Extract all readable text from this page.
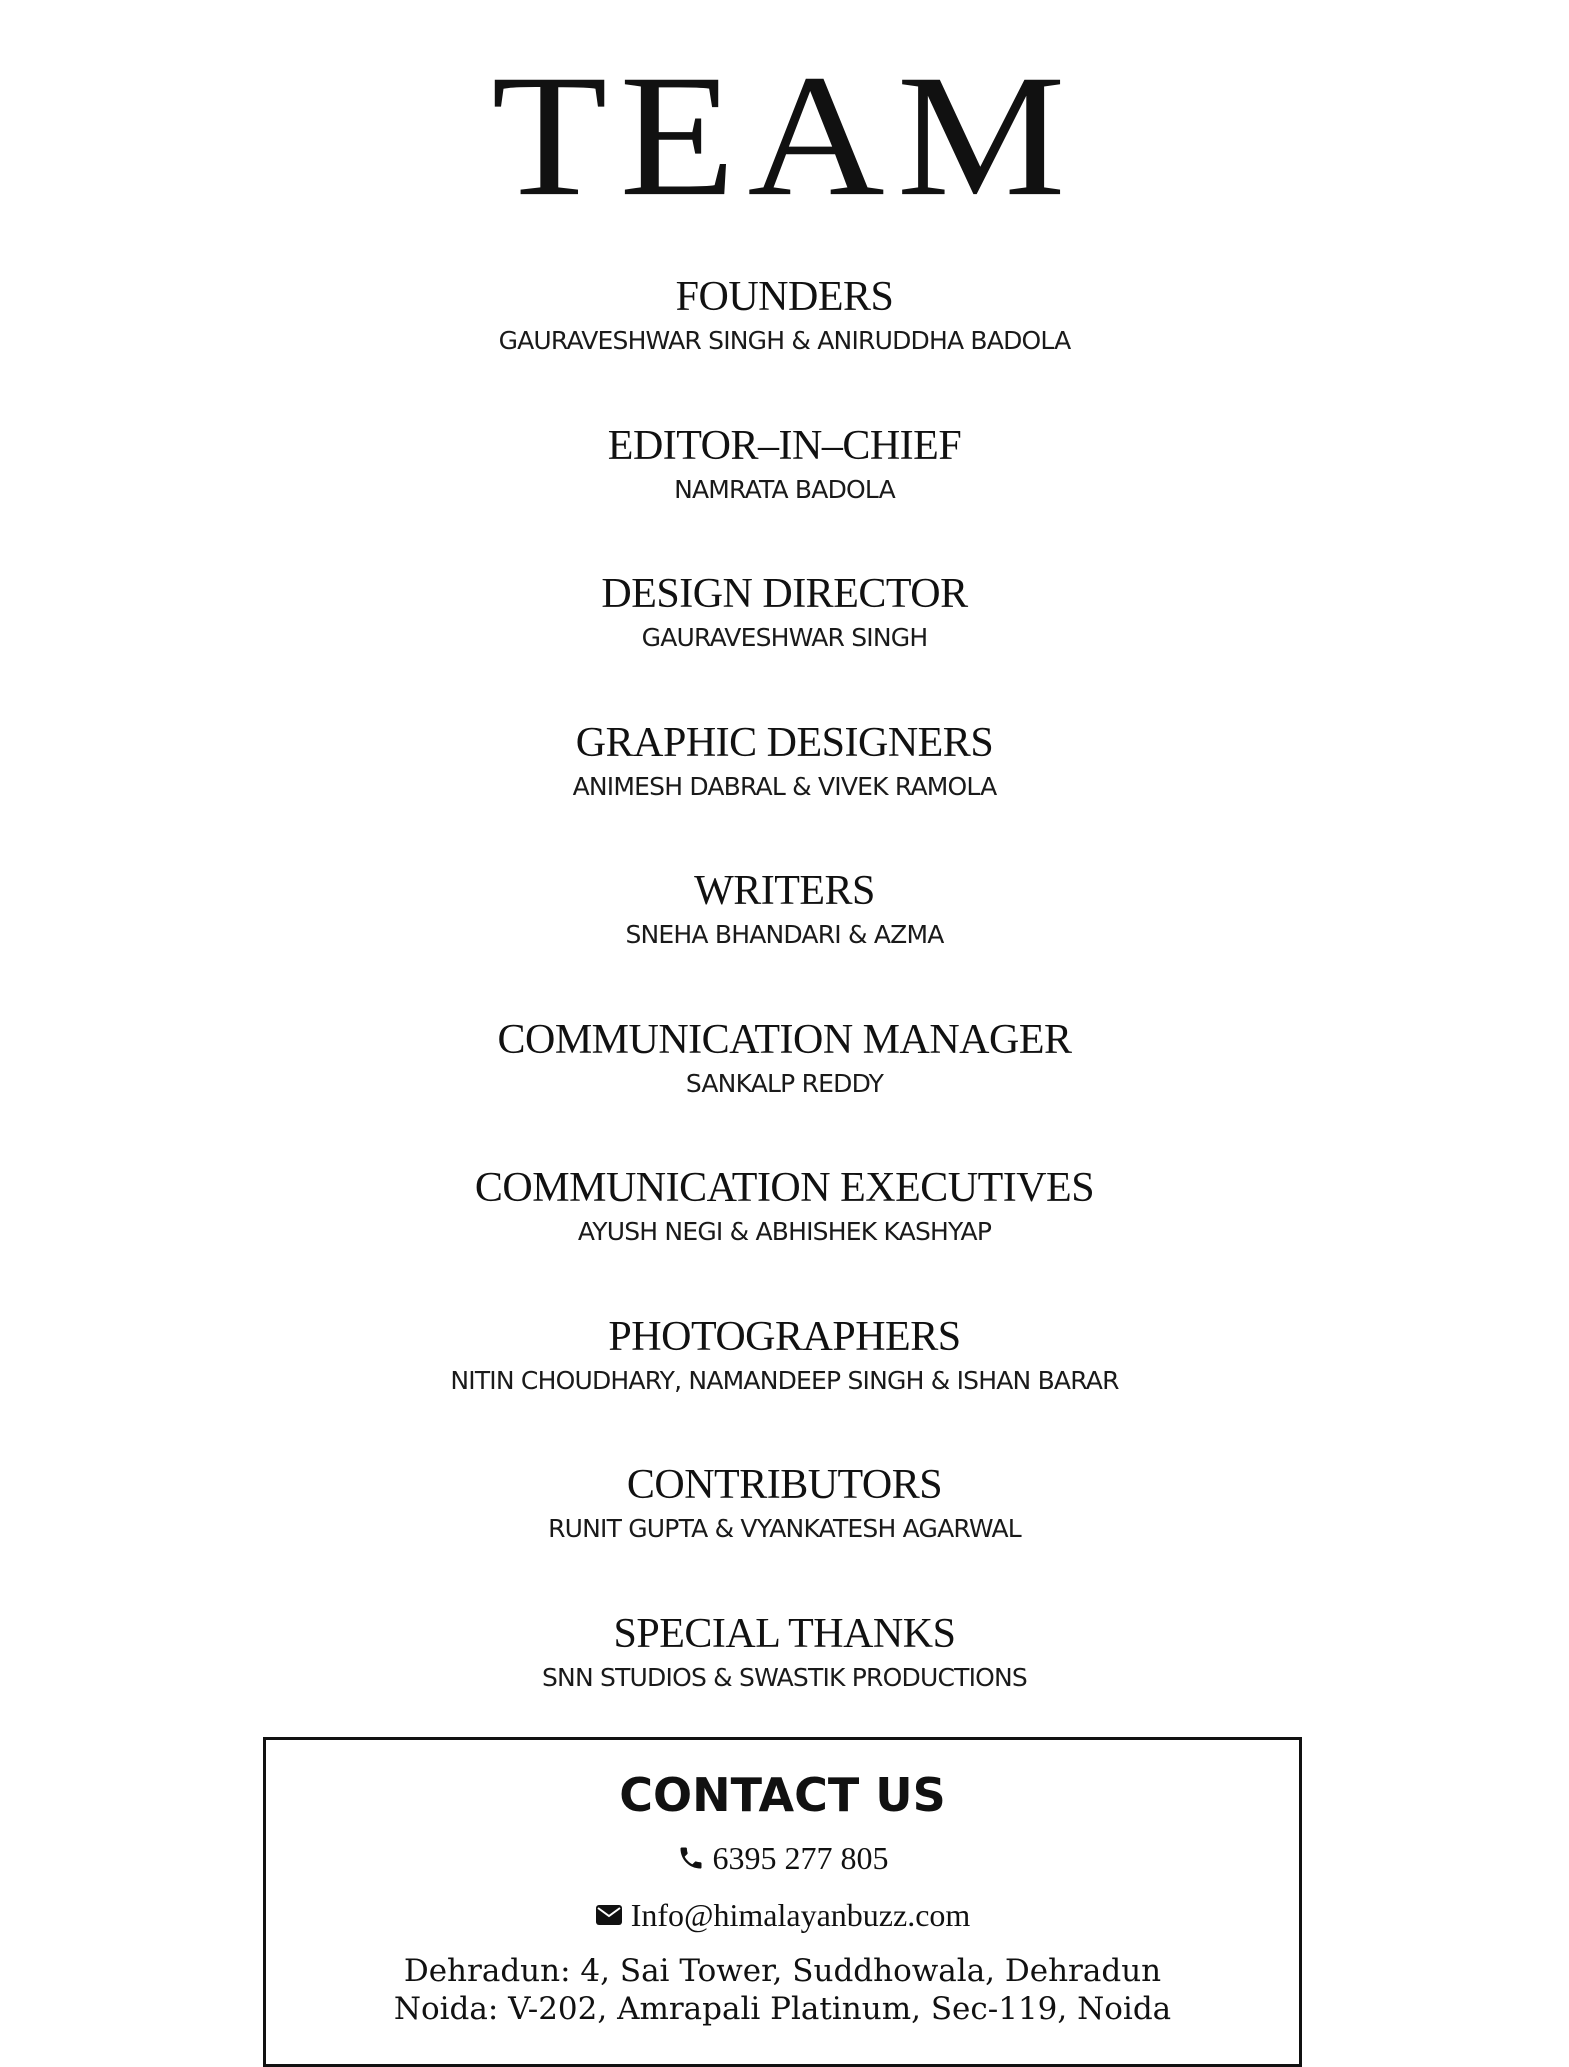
TEAM

FOUNDERS

GAURAVESHWAR SINGH & ANIRUDDHA BADOLA

EDITOR–IN–CHIEF

NAMRATA BADOLA

DESIGN DIRECTOR

GAURAVESHWAR SINGH

GRAPHIC DESIGNERS

ANIMESH DABRAL & VIVEK RAMOLA

WRITERS

SNEHA BHANDARI & AZMA

COMMUNICATION MANAGER

SANKALP REDDY

COMMUNICATION EXECUTIVES

AYUSH NEGI & ABHISHEK KASHYAP

PHOTOGRAPHERS

NITIN CHOUDHARY, NAMANDEEP SINGH & ISHAN BARAR

CONTRIBUTORS

RUNIT GUPTA & VYANKATESH AGARWAL

SPECIAL THANKS

SNN STUDIOS & SWASTIK PRODUCTIONS

CONTACT US
6395 277 805
Info@himalayanbuzz.com
Dehradun: 4, Sai Tower, Suddhowala, Dehradun
Noida: V-202, Amrapali Platinum, Sec-119, Noida
